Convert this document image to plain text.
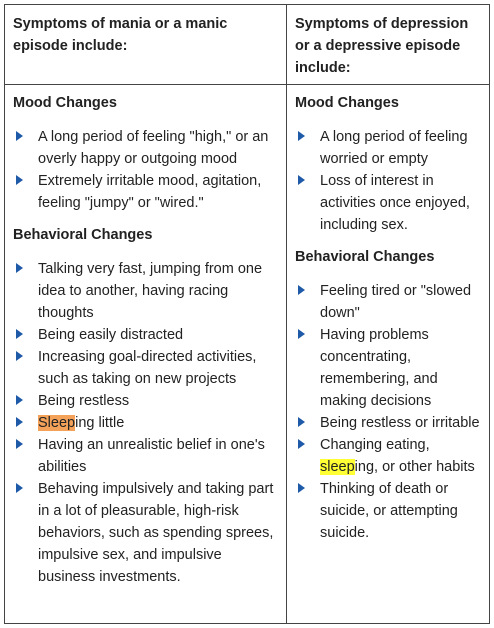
Symptoms of mania or a manic episode include:
Mood Changes
A long period of feeling "high," or an overly happy or outgoing mood
Extremely irritable mood, agitation, feeling "jumpy" or "wired."
Behavioral Changes
Talking very fast, jumping from one idea to another, having racing thoughts
Being easily distracted
Increasing goal-directed activities, such as taking on new projects
Being restless
Sleeping little
Having an unrealistic belief in one's abilities
Behaving impulsively and taking part in a lot of pleasurable, high-risk behaviors, such as spending sprees, impulsive sex, and impulsive business investments.
Symptoms of depression or a depressive episode include:
Mood Changes
A long period of feeling worried or empty
Loss of interest in activities once enjoyed, including sex.
Behavioral Changes
Feeling tired or "slowed down"
Having problems concentrating, remembering, and making decisions
Being restless or irritable
Changing eating, sleeping, or other habits
Thinking of death or suicide, or attempting suicide.
